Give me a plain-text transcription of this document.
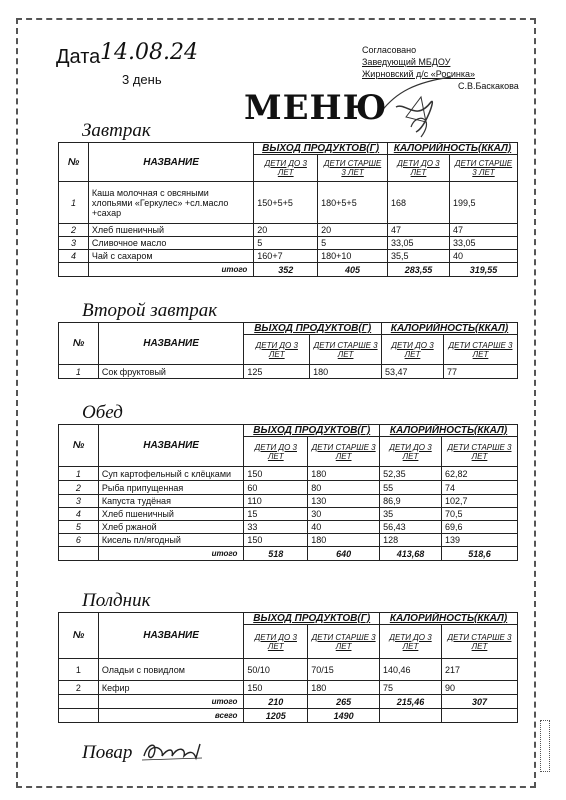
Дата 14.08.24
3 день
Согласовано
Заведующий МБДОУ
Жирновский д/с «Росинка»
С.В.Баскакова
МЕНЮ
Завтрак
№	НАЗВАНИЕ	ВЫХОД ПРОДУКТОВ(Г)		КАЛОРИЙНОСТЬ(ККАЛ)	
		ДЕТИ ДО 3 ЛЕТ	ДЕТИ СТАРШЕ 3 ЛЕТ	ДЕТИ ДО 3 ЛЕТ	ДЕТИ СТАРШЕ 3 ЛЕТ
1	Каша молочная с овсяными хлопьями «Геркулес» +сл.масло +сахар	150+5+5	180+5+5	168	199,5
2	Хлеб пшеничный	20	20	47	47
3	Сливочное масло	5	5	33,05	33,05
4	Чай с сахаром	160+7	180+10	35,5	40
	итого	352	405	283,55	319,55
Второй завтрак
№	НАЗВАНИЕ	ВЫХОД ПРОДУКТОВ(Г)		КАЛОРИЙНОСТЬ(ККАЛ)	
		ДЕТИ ДО 3 ЛЕТ	ДЕТИ СТАРШЕ 3 ЛЕТ	ДЕТИ ДО 3 ЛЕТ	ДЕТИ СТАРШЕ 3 ЛЕТ
1	Сок фруктовый	125	180	53,47	77
Обед
№	НАЗВАНИЕ	ВЫХОД ПРОДУКТОВ(Г)		КАЛОРИЙНОСТЬ(ККАЛ)	
		ДЕТИ ДО 3 ЛЕТ	ДЕТИ СТАРШЕ 3 ЛЕТ	ДЕТИ ДО 3 ЛЕТ	ДЕТИ СТАРШЕ 3 ЛЕТ
1	Суп картофельный с клёцками	150	180	52,35	62,82
2	Рыба припущенная	60	80	55	74
3	Капуста тудёная	110	130	86,9	102,7
4	Хлеб пшеничный	15	30	35	70,5
5	Хлеб ржаной	33	40	56,43	69,6
6	Кисель пл/ягодный	150	180	128	139
	итого	518	640	413,68	518,6
Полдник
№	НАЗВАНИЕ	ВЫХОД ПРОДУКТОВ(Г)		КАЛОРИЙНОСТЬ(ККАЛ)	
		ДЕТИ ДО 3 ЛЕТ	ДЕТИ СТАРШЕ 3 ЛЕТ	ДЕТИ ДО 3 ЛЕТ	ДЕТИ СТАРШЕ 3 ЛЕТ
1	Оладьи с повидлом	50/10	70/15	140,46	217
2	Кефир	150	180	75	90
	итого	210	265	215,46	307
	всего	1205	1490		
Повар
